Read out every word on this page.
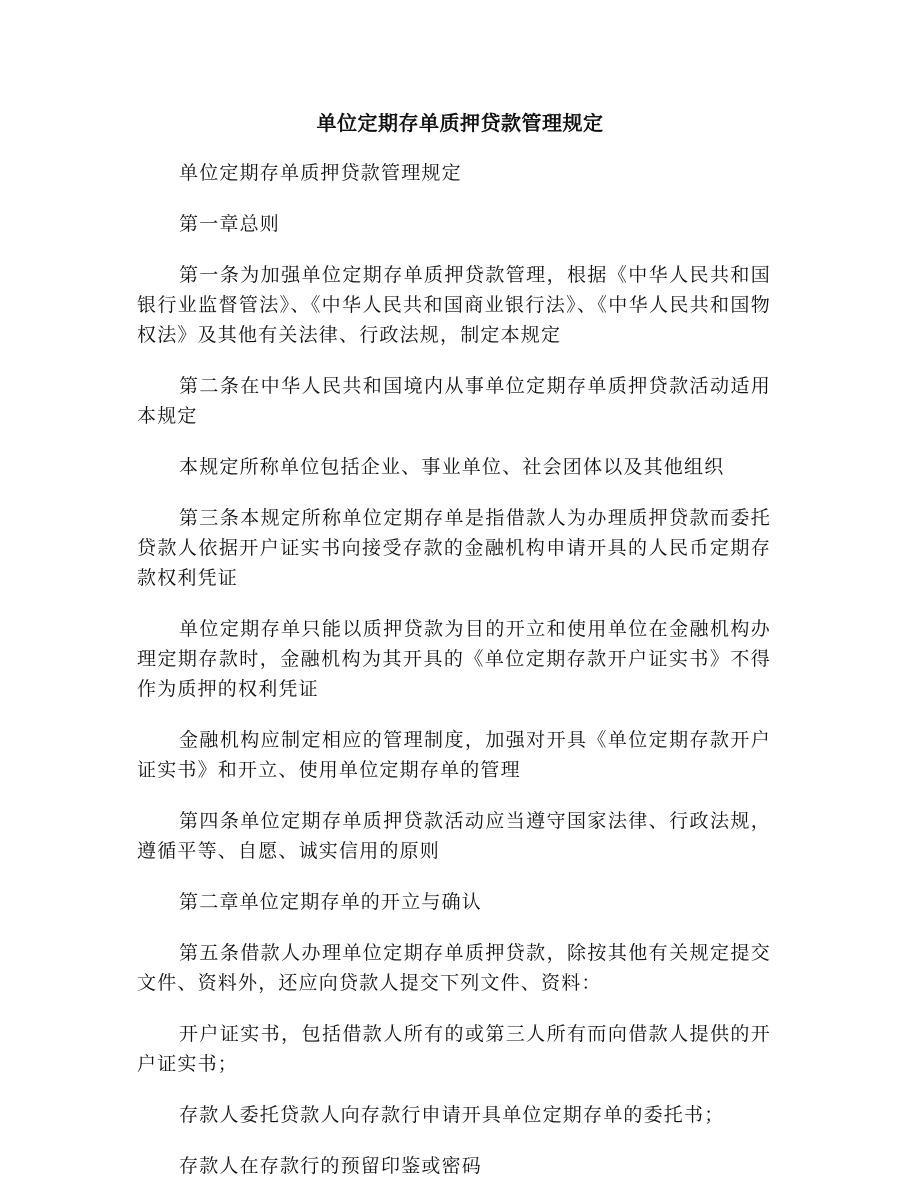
单位定期存单质押贷款管理规定

单位定期存单质押贷款管理规定

第一章总则

第一条为加强单位定期存单质押贷款管理，根据《中华人民共和国银行业监督管法》、《中华人民共和国商业银行法》、《中华人民共和国物权法》及其他有关法律、行政法规，制定本规定

第二条在中华人民共和国境内从事单位定期存单质押贷款活动适用本规定

本规定所称单位包括企业、事业单位、社会团体以及其他组织

第三条本规定所称单位定期存单是指借款人为办理质押贷款而委托贷款人依据开户证实书向接受存款的金融机构申请开具的人民币定期存款权利凭证

单位定期存单只能以质押贷款为目的开立和使用单位在金融机构办理定期存款时，金融机构为其开具的《单位定期存款开户证实书》不得作为质押的权利凭证

金融机构应制定相应的管理制度，加强对开具《单位定期存款开户证实书》和开立、使用单位定期存单的管理

第四条单位定期存单质押贷款活动应当遵守国家法律、行政法规，遵循平等、自愿、诚实信用的原则

第二章单位定期存单的开立与确认

第五条借款人办理单位定期存单质押贷款，除按其他有关规定提交文件、资料外，还应向贷款人提交下列文件、资料：

开户证实书，包括借款人所有的或第三人所有而向借款人提供的开户证实书；

存款人委托贷款人向存款行申请开具单位定期存单的委托书；

存款人在存款行的预留印鉴或密码
